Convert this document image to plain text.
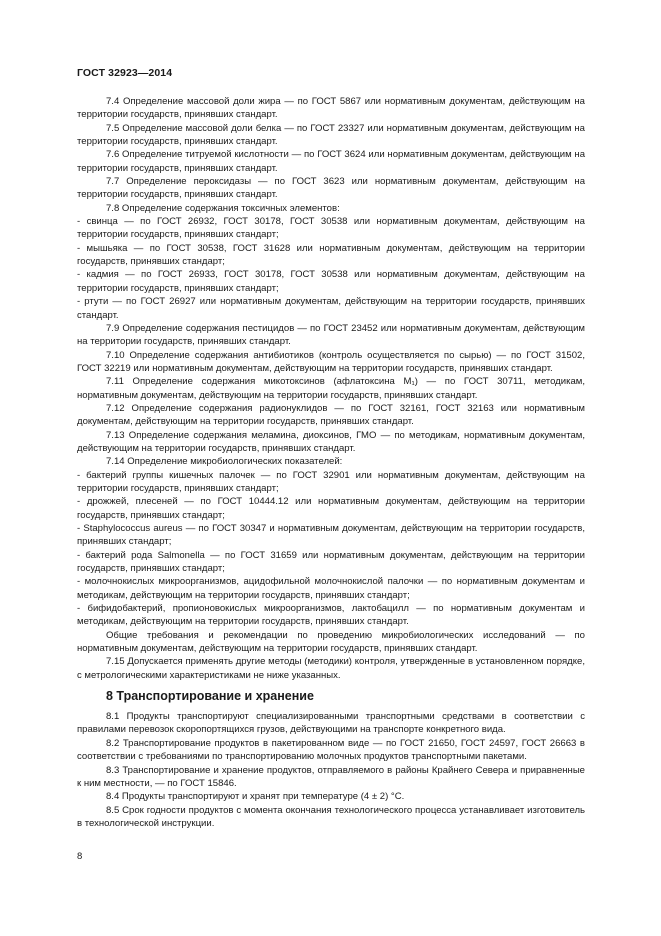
ГОСТ 32923—2014

7.4 Определение массовой доли жира — по ГОСТ 5867 или нормативным документам, действующим на территории государств, принявших стандарт.

7.5 Определение массовой доли белка — по ГОСТ 23327 или нормативным документам, действующим на территории государств, принявших стандарт.

7.6 Определение титруемой кислотности — по ГОСТ 3624 или нормативным документам, действующим на территории государств, принявших стандарт.

7.7 Определение пероксидазы — по ГОСТ 3623 или нормативным документам, действующим на территории государств, принявших стандарт.

7.8 Определение содержания токсичных элементов:

- свинца — по ГОСТ 26932, ГОСТ 30178, ГОСТ 30538 или нормативным документам, действующим на территории государств, принявших стандарт;

- мышьяка — по ГОСТ 30538, ГОСТ 31628 или нормативным документам, действующим на территории государств, принявших стандарт;

- кадмия — по ГОСТ 26933, ГОСТ 30178, ГОСТ 30538 или нормативным документам, действующим на территории государств, принявших стандарт;

- ртути — по ГОСТ 26927 или нормативным документам, действующим на территории государств, принявших стандарт.

7.9 Определение содержания пестицидов — по ГОСТ 23452 или нормативным документам, действующим на территории государств, принявших стандарт.

7.10 Определение содержания антибиотиков (контроль осуществляется по сырью) — по ГОСТ 31502, ГОСТ 32219 или нормативным документам, действующим на территории государств, принявших стандарт.

7.11 Определение содержания микотоксинов (афлатоксина M₁) — по ГОСТ 30711, методикам, нормативным документам, действующим на территории государств, принявших стандарт.

7.12 Определение содержания радионуклидов — по ГОСТ 32161, ГОСТ 32163 или нормативным документам, действующим на территории государств, принявших стандарт.

7.13 Определение содержания меламина, диоксинов, ГМО — по методикам, нормативным документам, действующим на территории государств, принявших стандарт.

7.14 Определение микробиологических показателей:

- бактерий группы кишечных палочек — по ГОСТ 32901 или нормативным документам, действующим на территории государств, принявших стандарт;

- дрожжей, плесеней — по ГОСТ 10444.12 или нормативным документам, действующим на территории государств, принявших стандарт;

- Staphylococcus aureus — по ГОСТ 30347 и нормативным документам, действующим на территории государств, принявших стандарт;

- бактерий рода Salmonella — по ГОСТ 31659 или нормативным документам, действующим на территории государств, принявших стандарт;

- молочнокислых микроорганизмов, ацидофильной молочнокислой палочки — по нормативным документам и методикам, действующим на территории государств, принявших стандарт;

- бифидобактерий, пропионовокислых микроорганизмов, лактобацилл — по нормативным документам и методикам, действующим на территории государств, принявших стандарт.

Общие требования и рекомендации по проведению микробиологических исследований — по нормативным документам, действующим на территории государств, принявших стандарт.

7.15 Допускается применять другие методы (методики) контроля, утвержденные в установленном порядке, с метрологическими характеристиками не ниже указанных.

8 Транспортирование и хранение

8.1 Продукты транспортируют специализированными транспортными средствами в соответствии с правилами перевозок скоропортящихся грузов, действующими на транспорте конкретного вида.

8.2 Транспортирование продуктов в пакетированном виде — по ГОСТ 21650, ГОСТ 24597, ГОСТ 26663 в соответствии с требованиями по транспортированию молочных продуктов транспортными пакетами.

8.3 Транспортирование и хранение продуктов, отправляемого в районы Крайнего Севера и приравненные к ним местности, — по ГОСТ 15846.

8.4 Продукты транспортируют и хранят при температуре (4 ± 2) °C.

8.5 Срок годности продуктов с момента окончания технологического процесса устанавливает изготовитель в технологической инструкции.

8
